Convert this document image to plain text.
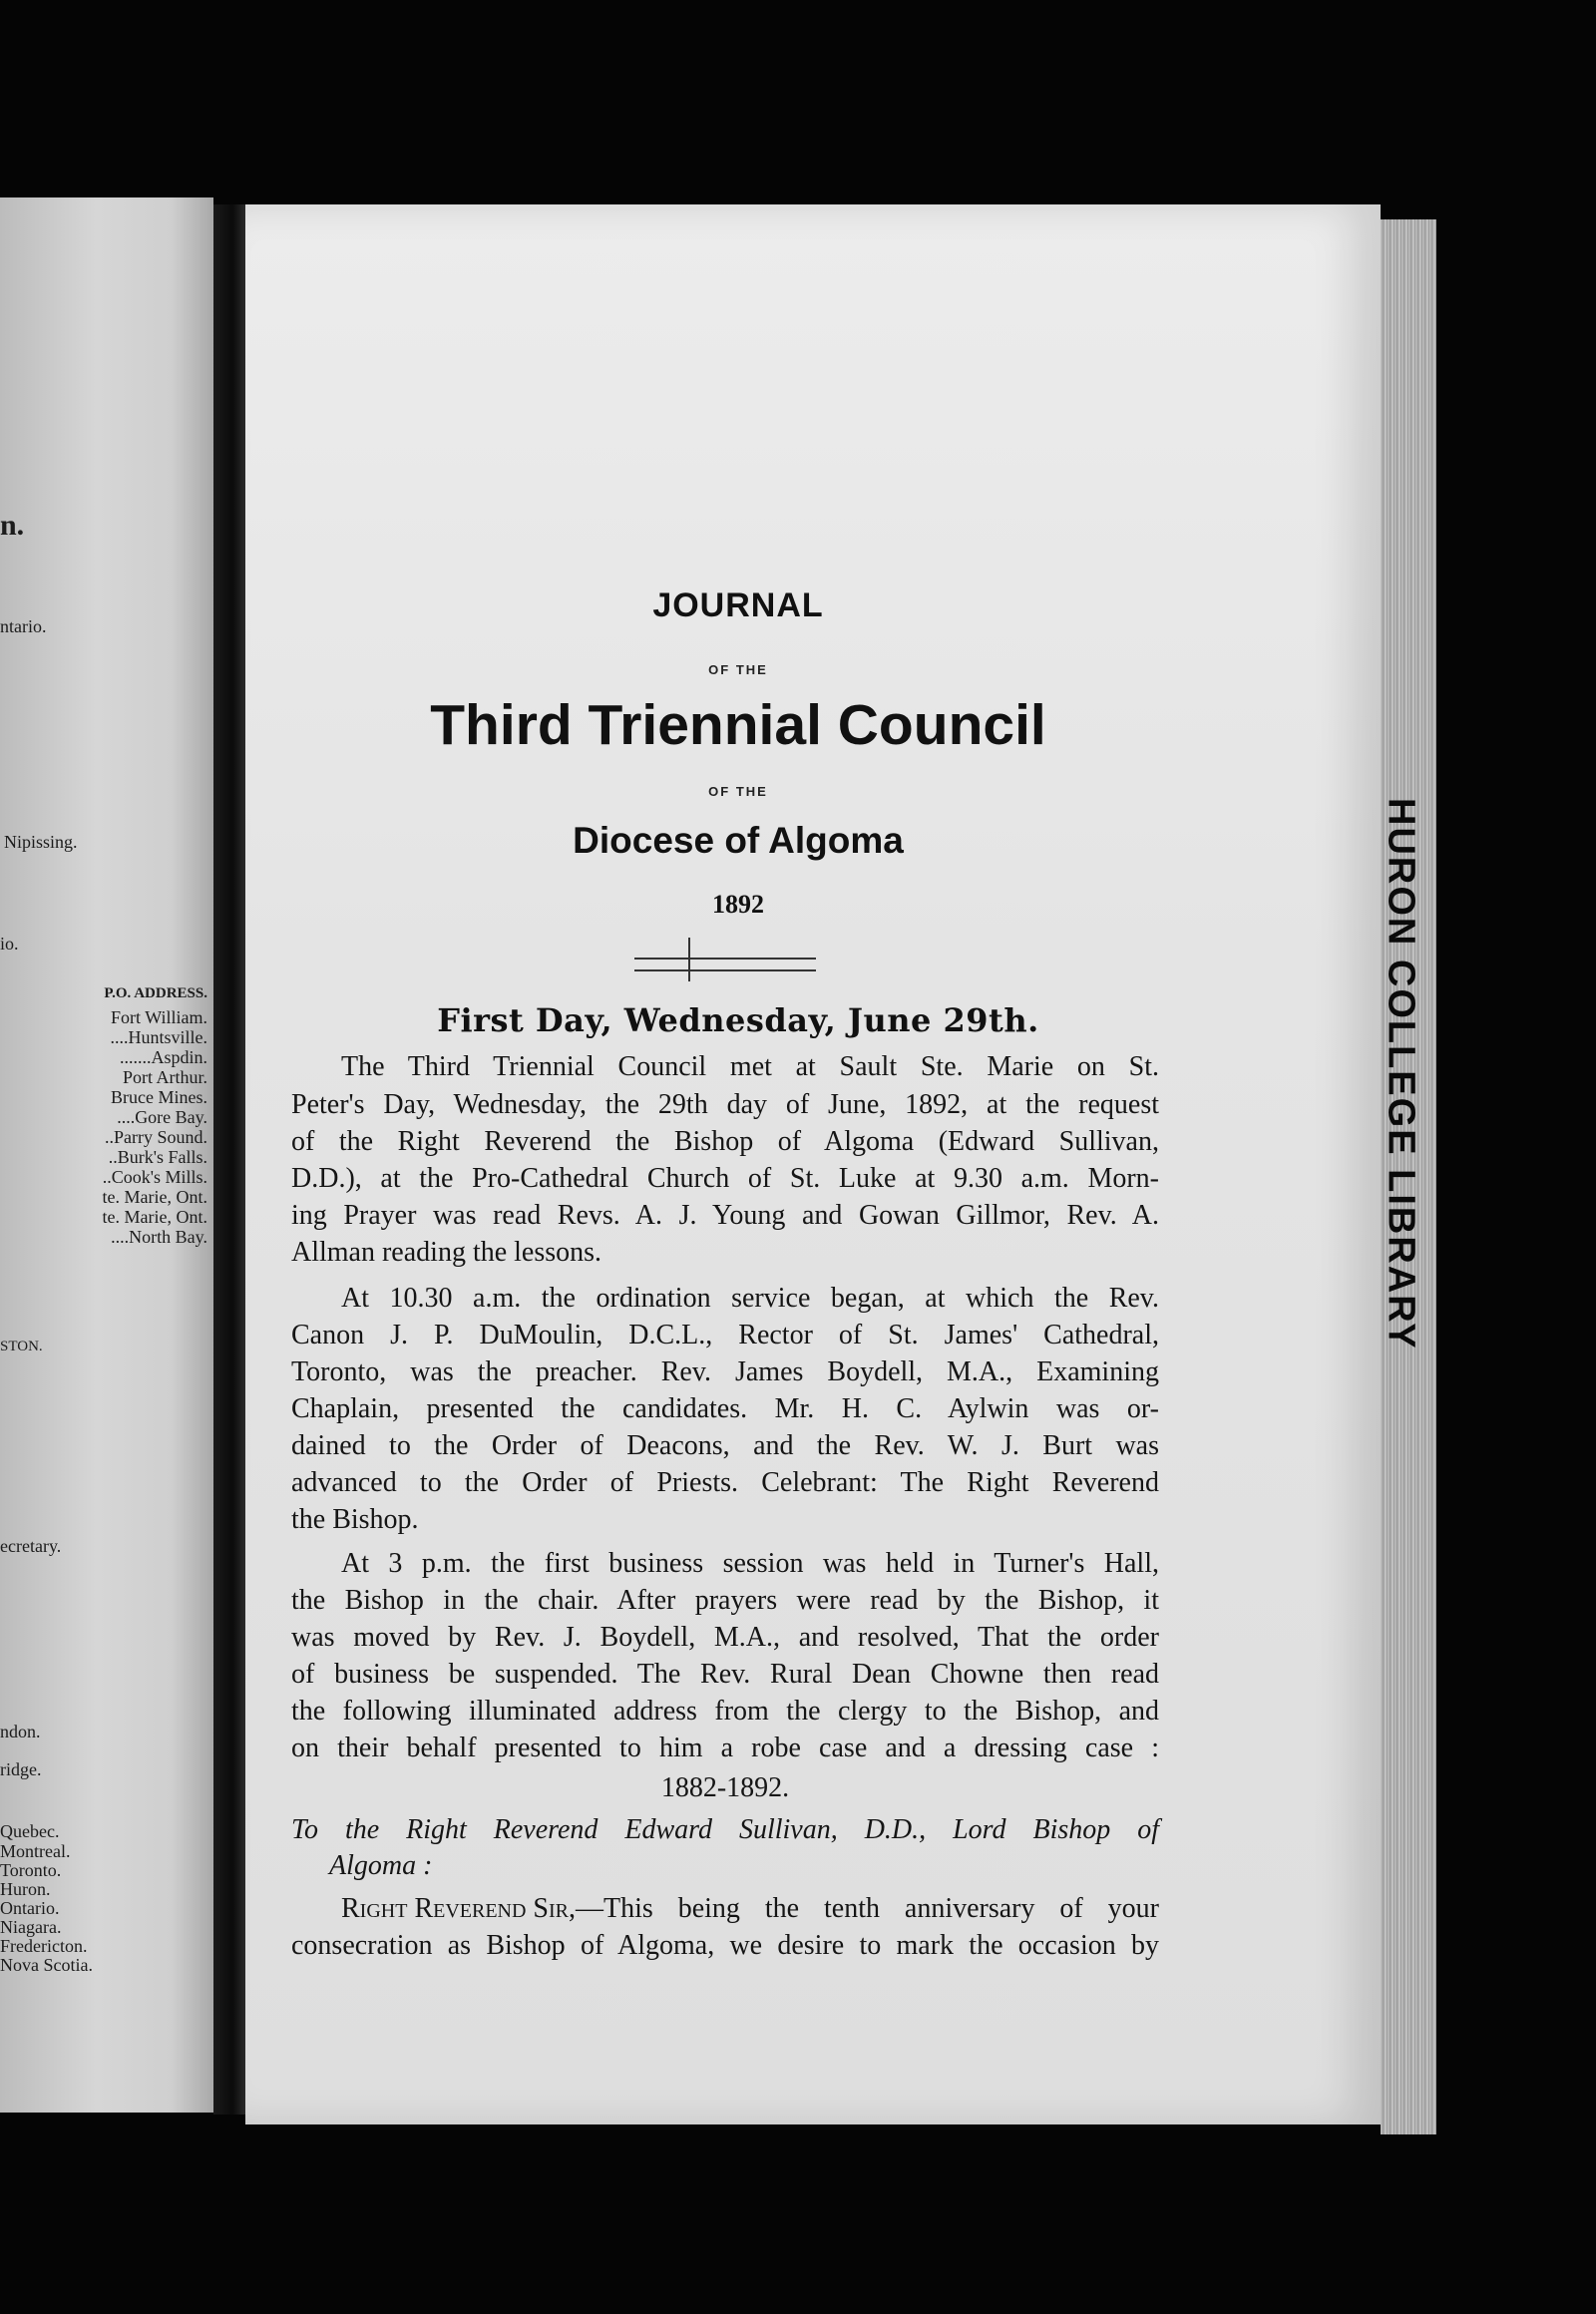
n.
ntario.
Nipissing.
io.
P.O. ADDRESS.
Fort William.
....Huntsville.
.......Aspdin.
Port Arthur.
Bruce Mines.
....Gore Bay.
..Parry Sound.
..Burk's Falls.
..Cook's Mills.
te. Marie, Ont.
te. Marie, Ont.
....North Bay.
STON.
ecretary.
ndon.
ridge.
Quebec.
Montreal.
Toronto.
Huron.
Ontario.
Niagara.
Fredericton.
Nova Scotia.
HURON COLLEGE LIBRARY
JOURNAL
OF THE
Third Triennial Council
OF THE
Diocese of Algoma
1892
First Day, Wednesday, June 29th.
The Third Triennial Council met at Sault Ste. Marie on St.
Peter's Day, Wednesday, the 29th day of June, 1892, at the request
of the Right Reverend the Bishop of Algoma (Edward Sullivan,
D.D.), at the Pro-Cathedral Church of St. Luke at 9.30 a.m. Morn-
ing Prayer was read Revs. A. J. Young and Gowan Gillmor, Rev. A.
Allman reading the lessons.
At 10.30 a.m. the ordination service began, at which the Rev.
Canon J. P. DuMoulin, D.C.L., Rector of St. James' Cathedral,
Toronto, was the preacher. Rev. James Boydell, M.A., Examining
Chaplain, presented the candidates. Mr. H. C. Aylwin was or-
dained to the Order of Deacons, and the Rev. W. J. Burt was
advanced to the Order of Priests. Celebrant: The Right Reverend
the Bishop.
At 3 p.m. the first business session was held in Turner's Hall,
the Bishop in the chair. After prayers were read by the Bishop, it
was moved by Rev. J. Boydell, M.A., and resolved, That the order
of business be suspended. The Rev. Rural Dean Chowne then read
the following illuminated address from the clergy to the Bishop, and
on their behalf presented to him a robe case and a dressing case :
1882-1892.
To the Right Reverend Edward Sullivan, D.D., Lord Bishop of
Algoma :
Right Reverend Sir, —This being the tenth anniversary of your
consecration as Bishop of Algoma, we desire to mark the occasion by
